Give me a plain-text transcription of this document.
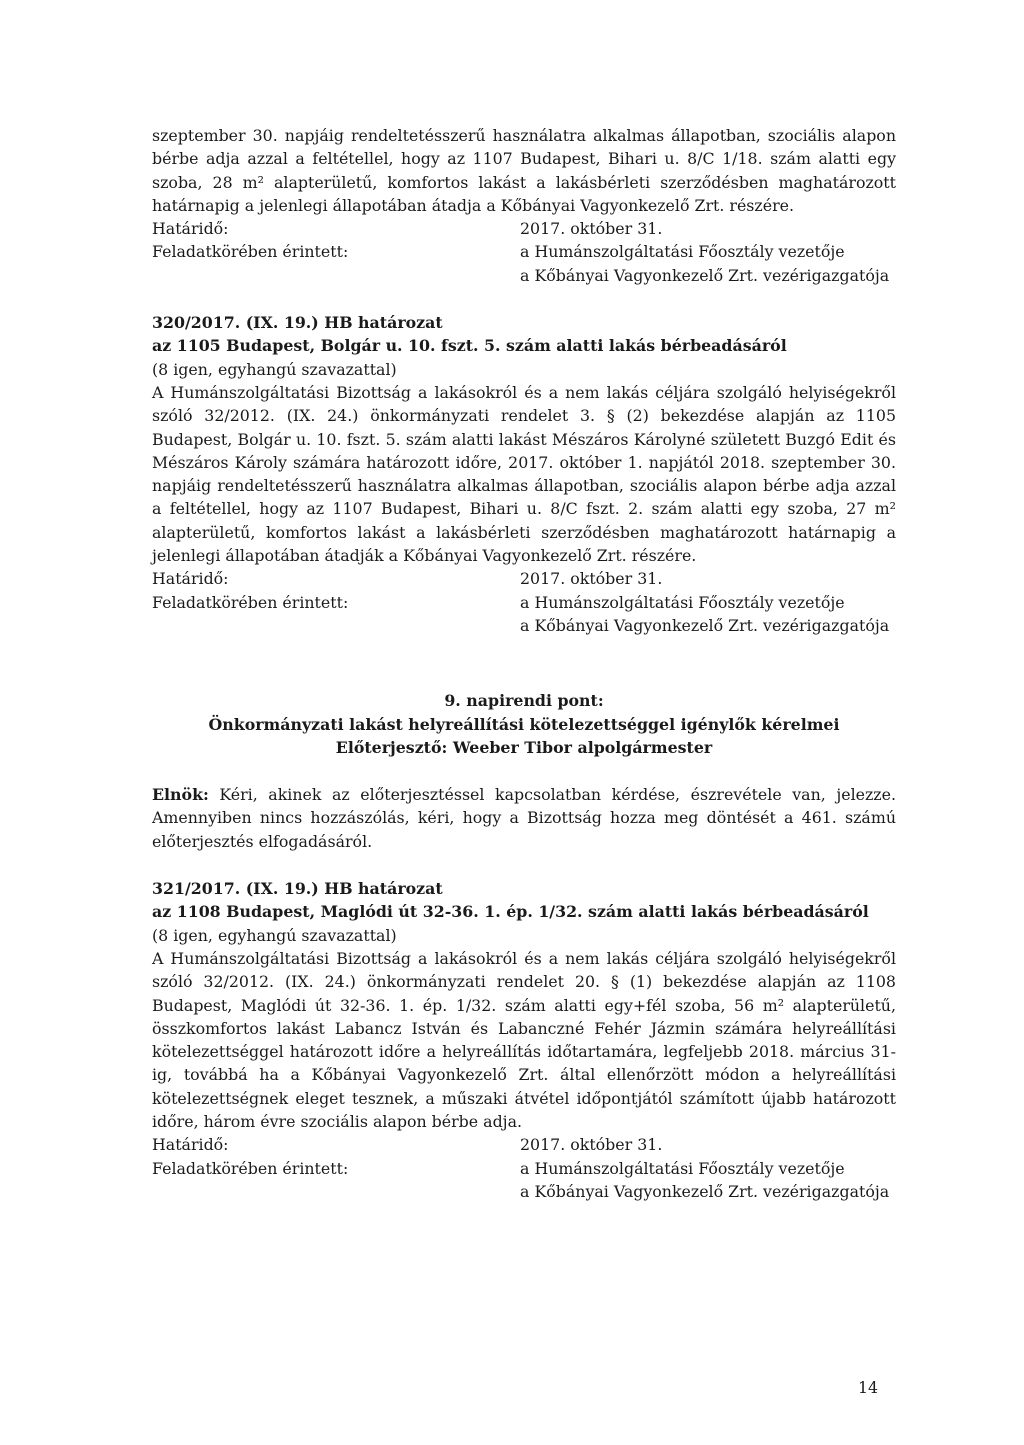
szeptember 30. napjáig rendeltetésszerű használatra alkalmas állapotban, szociális alapon bérbe adja azzal a feltétellel, hogy az 1107 Budapest, Bihari u. 8/C 1/18. szám alatti egy szoba, 28 m² alapterületű, komfortos lakást a lakásbérleti szerződésben maghatározott határnapig a jelenlegi állapotában átadja a Kőbányai Vagyonkezelő Zrt. részére.

Határidő:	2017. október 31.
Feladatkörében érintett:	a Humánszolgáltatási Főosztály vezetője
a Kőbányai Vagyonkezelő Zrt. vezérigazgatója
320/2017. (IX. 19.) HB határozat
az 1105 Budapest, Bolgár u. 10. fszt. 5. szám alatti lakás bérbeadásáról
(8 igen, egyhangú szavazattal)

A Humánszolgáltatási Bizottság a lakásokról és a nem lakás céljára szolgáló helyiségekről szóló 32/2012. (IX. 24.) önkormányzati rendelet 3. § (2) bekezdése alapján az 1105 Budapest, Bolgár u. 10. fszt. 5. szám alatti lakást Mészáros Károlyné született Buzgó Edit és Mészáros Károly számára határozott időre, 2017. október 1. napjától 2018. szeptember 30. napjáig rendeltetésszerű használatra alkalmas állapotban, szociális alapon bérbe adja azzal a feltétellel, hogy az 1107 Budapest, Bihari u. 8/C fszt. 2. szám alatti egy szoba, 27 m² alapterületű, komfortos lakást a lakásbérleti szerződésben maghatározott határnapig a jelenlegi állapotában átadják a Kőbányai Vagyonkezelő Zrt. részére.

Határidő:	2017. október 31.
Feladatkörében érintett:	a Humánszolgáltatási Főosztály vezetője
a Kőbányai Vagyonkezelő Zrt. vezérigazgatója
9. napirendi pont:
Önkormányzati lakást helyreállítási kötelezettséggel igénylők kérelmei
Előterjesztő: Weeber Tibor alpolgármester

Elnök: Kéri, akinek az előterjesztéssel kapcsolatban kérdése, észrevétele van, jelezze. Amennyiben nincs hozzászólás, kéri, hogy a Bizottság hozza meg döntését a 461. számú előterjesztés elfogadásáról.

321/2017. (IX. 19.) HB határozat
az 1108 Budapest, Maglódi út 32-36. 1. ép. 1/32. szám alatti lakás bérbeadásáról
(8 igen, egyhangú szavazattal)

A Humánszolgáltatási Bizottság a lakásokról és a nem lakás céljára szolgáló helyiségekről szóló 32/2012. (IX. 24.) önkormányzati rendelet 20. § (1) bekezdése alapján az 1108 Budapest, Maglódi út 32-36. 1. ép. 1/32. szám alatti egy+fél szoba, 56 m² alapterületű, összkomfortos lakást Labancz István és Labanczné Fehér Jázmin számára helyreállítási kötelezettséggel határozott időre a helyreállítás időtartamára, legfeljebb 2018. március 31-ig, továbbá ha a Kőbányai Vagyonkezelő Zrt. által ellenőrzött módon a helyreállítási kötelezettségnek eleget tesznek, a műszaki átvétel időpontjától számított újabb határozott időre, három évre szociális alapon bérbe adja.

Határidő:	2017. október 31.
Feladatkörében érintett:	a Humánszolgáltatási Főosztály vezetője
a Kőbányai Vagyonkezelő Zrt. vezérigazgatója
14
